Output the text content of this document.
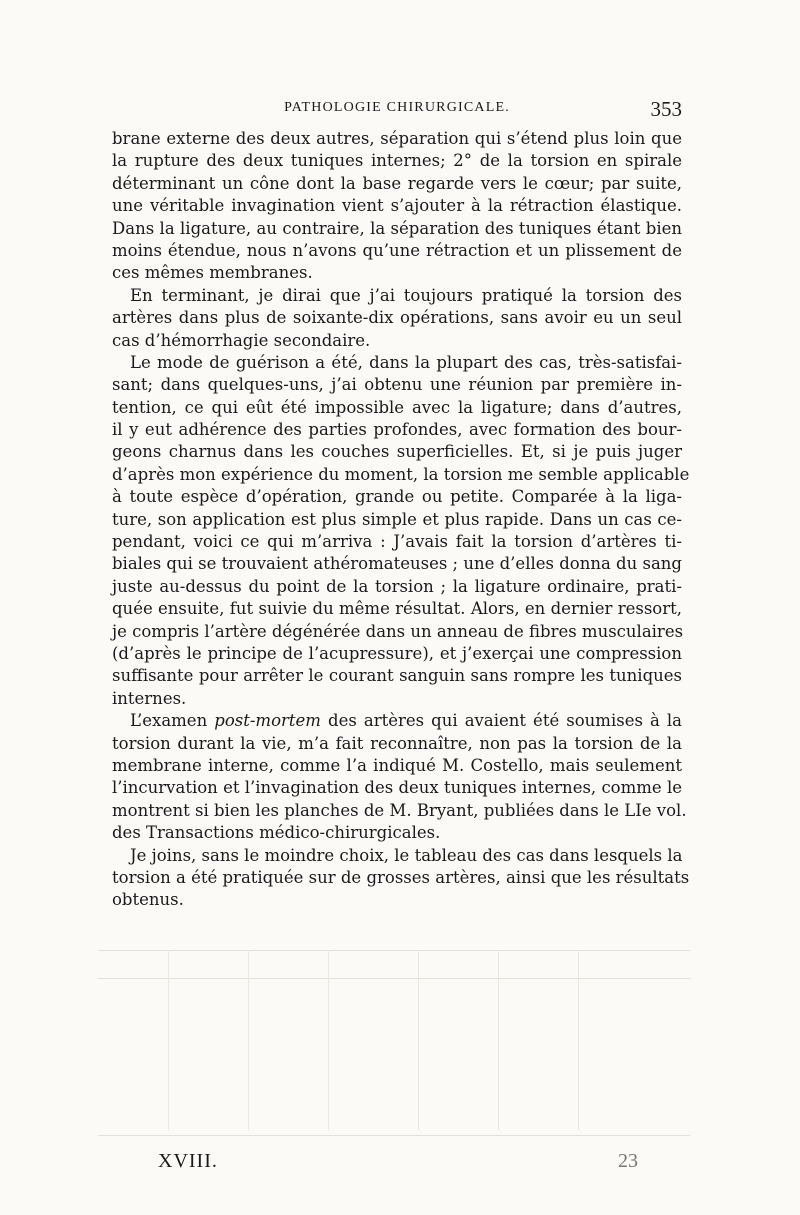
PATHOLOGIE CHIRURGICALE.	353
brane externe des deux autres, séparation qui s’étend plus loin que
la rupture des deux tuniques internes; 2° de la torsion en spirale
déterminant un cône dont la base regarde vers le cœur; par suite,
une véritable invagination vient s’ajouter à la rétraction élastique.
Dans la ligature, au contraire, la séparation des tuniques étant bien
moins étendue, nous n’avons qu’une rétraction et un plissement de
ces mêmes membranes.
En terminant, je dirai que j’ai toujours pratiqué la torsion des
artères dans plus de soixante-dix opérations, sans avoir eu un seul
cas d’hémorrhagie secondaire.
Le mode de guérison a été, dans la plupart des cas, très-satisfai-
sant; dans quelques-uns, j’ai obtenu une réunion par première in-
tention, ce qui eût été impossible avec la ligature; dans d’autres,
il y eut adhérence des parties profondes, avec formation des bour-
geons charnus dans les couches superficielles. Et, si je puis juger
d’après mon expérience du moment, la torsion me semble applicable
à toute espèce d’opération, grande ou petite. Comparée à la liga-
ture, son application est plus simple et plus rapide. Dans un cas ce-
pendant, voici ce qui m’arriva : J’avais fait la torsion d’artères ti-
biales qui se trouvaient athéromateuses ; une d’elles donna du sang
juste au-dessus du point de la torsion ; la ligature ordinaire, prati-
quée ensuite, fut suivie du même résultat. Alors, en dernier ressort,
je compris l’artère dégénérée dans un anneau de fibres musculaires
(d’après le principe de l’acupressure), et j’exerçai une compression
suffisante pour arrêter le courant sanguin sans rompre les tuniques
internes.
L’examen post-mortem des artères qui avaient été soumises à la
torsion durant la vie, m’a fait reconnaître, non pas la torsion de la
membrane interne, comme l’a indiqué M. Costello, mais seulement
l’incurvation et l’invagination des deux tuniques internes, comme le
montrent si bien les planches de M. Bryant, publiées dans le LIe vol.
des Transactions médico-chirurgicales.
Je joins, sans le moindre choix, le tableau des cas dans lesquels la
torsion a été pratiquée sur de grosses artères, ainsi que les résultats
obtenus.
XVIII.	23
